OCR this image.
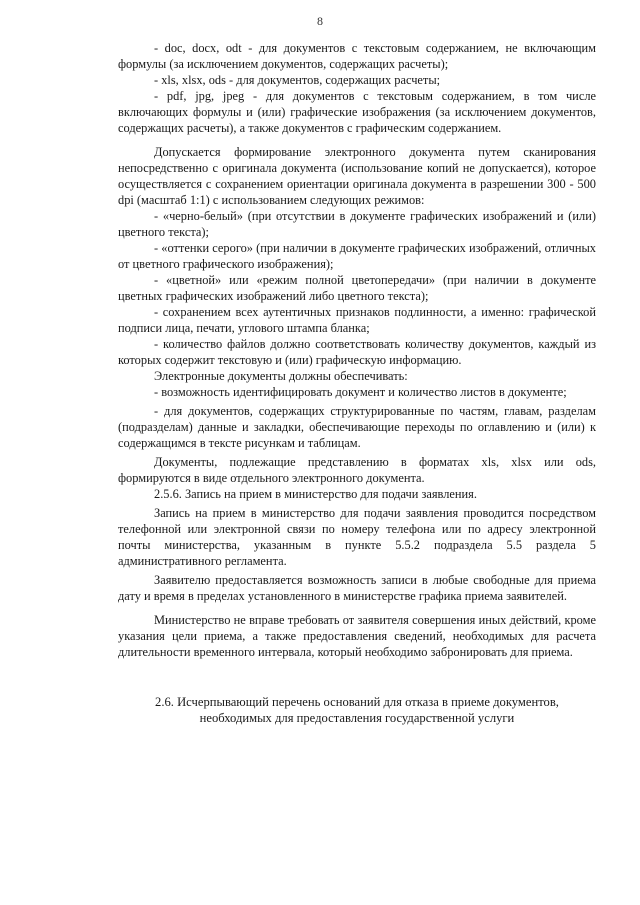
8

- doc, docx, odt - для документов с текстовым содержанием, не включающим формулы (за исключением документов, содержащих расчеты);

- xls, xlsx, ods - для документов, содержащих расчеты;

- pdf, jpg, jpeg - для документов с текстовым содержанием, в том числе включающих формулы и (или) графические изображения (за исключением документов, содержащих расчеты), а также документов с графическим содержанием.

Допускается формирование электронного документа путем сканирования непосредственно с оригинала документа (использование копий не допускается), которое осуществляется с сохранением ориентации оригинала документа в разрешении 300 - 500 dpi (масштаб 1:1) с использованием следующих режимов:

- «черно-белый» (при отсутствии в документе графических изображений и (или) цветного текста);

- «оттенки серого» (при наличии в документе графических изображений, отличных от цветного графического изображения);

- «цветной» или «режим полной цветопередачи» (при наличии в документе цветных графических изображений либо цветного текста);

- сохранением всех аутентичных признаков подлинности, а именно: графической подписи лица, печати, углового штампа бланка;

- количество файлов должно соответствовать количеству документов, каждый из которых содержит текстовую и (или) графическую информацию.

Электронные документы должны обеспечивать:

- возможность идентифицировать документ и количество листов в документе;

- для документов, содержащих структурированные по частям, главам, разделам (подразделам) данные и закладки, обеспечивающие переходы по оглавлению и (или) к содержащимся в тексте рисункам и таблицам.

Документы, подлежащие представлению в форматах xls, xlsx или ods, формируются в виде отдельного электронного документа.

2.5.6. Запись на прием в министерство для подачи заявления.

Запись на прием в министерство для подачи заявления проводится посредством телефонной или электронной связи по номеру телефона или по адресу электронной почты министерства, указанным в пункте 5.5.2 подраздела 5.5 раздела 5 административного регламента.

Заявителю предоставляется возможность записи в любые свободные для приема дату и время в пределах установленного в министерстве графика приема заявителей.

Министерство не вправе требовать от заявителя совершения иных действий, кроме указания цели приема, а также предоставления сведений, необходимых для расчета длительности временного интервала, который необходимо забронировать для приема.

2.6. Исчерпывающий перечень оснований для отказа в приеме документов,
необходимых для предоставления государственной услуги
